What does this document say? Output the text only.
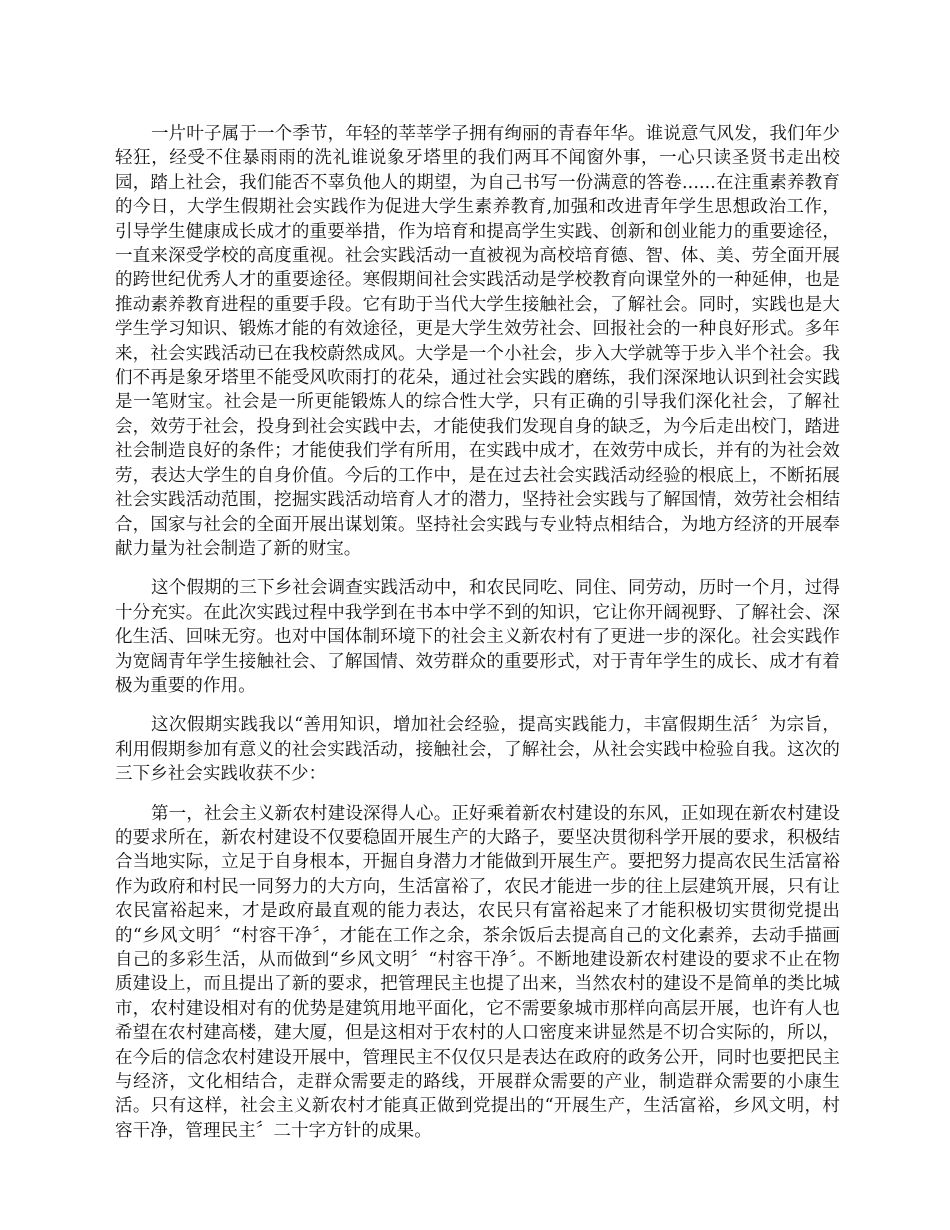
一片叶子属于一个季节，年轻的莘莘学子拥有绚丽的青春年华。谁说意气风发，我们年少轻狂，经受不住暴雨雨的洗礼谁说象牙塔里的我们两耳不闻窗外事，一心只读圣贤书走出校园，踏上社会，我们能否不辜负他人的期望，为自己书写一份满意的答卷......在注重素养教育的今日，大学生假期社会实践作为促进大学生素养教育,加强和改进青年学生思想政治工作，引导学生健康成长成才的重要举措，作为培育和提高学生实践、创新和创业能力的重要途径，一直来深受学校的高度重视。社会实践活动一直被视为高校培育德、智、体、美、劳全面开展的跨世纪优秀人才的重要途径。寒假期间社会实践活动是学校教育向课堂外的一种延伸，也是推动素养教育进程的重要手段。它有助于当代大学生接触社会，了解社会。同时，实践也是大学生学习知识、锻炼才能的有效途径，更是大学生效劳社会、回报社会的一种良好形式。多年来，社会实践活动已在我校蔚然成风。大学是一个小社会，步入大学就等于步入半个社会。我们不再是象牙塔里不能受风吹雨打的花朵，通过社会实践的磨练，我们深深地认识到社会实践是一笔财宝。社会是一所更能锻炼人的综合性大学，只有正确的引导我们深化社会，了解社会，效劳于社会，投身到社会实践中去，才能使我们发现自身的缺乏，为今后走出校门，踏进社会制造良好的条件；才能使我们学有所用，在实践中成才，在效劳中成长，并有的为社会效劳，表达大学生的自身价值。今后的工作中，是在过去社会实践活动经验的根底上，不断拓展社会实践活动范围，挖掘实践活动培育人才的潜力，坚持社会实践与了解国情，效劳社会相结合，国家与社会的全面开展出谋划策。坚持社会实践与专业特点相结合，为地方经济的开展奉献力量为社会制造了新的财宝。

这个假期的三下乡社会调查实践活动中，和农民同吃、同住、同劳动，历时一个月，过得十分充实。在此次实践过程中我学到在书本中学不到的知识，它让你开阔视野、了解社会、深化生活、回味无穷。也对中国体制环境下的社会主义新农村有了更进一步的深化。社会实践作为宽阔青年学生接触社会、了解国情、效劳群众的重要形式，对于青年学生的成长、成才有着极为重要的作用。

这次假期实践我以“善用知识，增加社会经验，提高实践能力，丰富假期生活〞为宗旨，利用假期参加有意义的社会实践活动，接触社会，了解社会，从社会实践中检验自我。这次的三下乡社会实践收获不少：

第一，社会主义新农村建设深得人心。正好乘着新农村建设的东风，正如现在新农村建设的要求所在，新农村建设不仅要稳固开展生产的大路子，要坚决贯彻科学开展的要求，积极结合当地实际，立足于自身根本，开掘自身潜力才能做到开展生产。要把努力提高农民生活富裕作为政府和村民一同努力的大方向，生活富裕了，农民才能进一步的往上层建筑开展，只有让农民富裕起来，才是政府最直观的能力表达，农民只有富裕起来了才能积极切实贯彻党提出的“乡风文明〞“村容干净〞，才能在工作之余，茶余饭后去提高自己的文化素养，去动手描画自己的多彩生活，从而做到“乡风文明〞“村容干净〞。不断地建设新农村建设的要求不止在物质建设上，而且提出了新的要求，把管理民主也提了出来，当然农村的建设不是简单的类比城市，农村建设相对有的优势是建筑用地平面化，它不需要象城市那样向高层开展，也许有人也希望在农村建高楼，建大厦，但是这相对于农村的人口密度来讲显然是不切合实际的，所以，在今后的信念农村建设开展中，管理民主不仅仅只是表达在政府的政务公开，同时也要把民主与经济，文化相结合，走群众需要走的路线，开展群众需要的产业，制造群众需要的小康生活。只有这样，社会主义新农村才能真正做到党提出的“开展生产，生活富裕，乡风文明，村容干净，管理民主〞二十字方针的成果。
